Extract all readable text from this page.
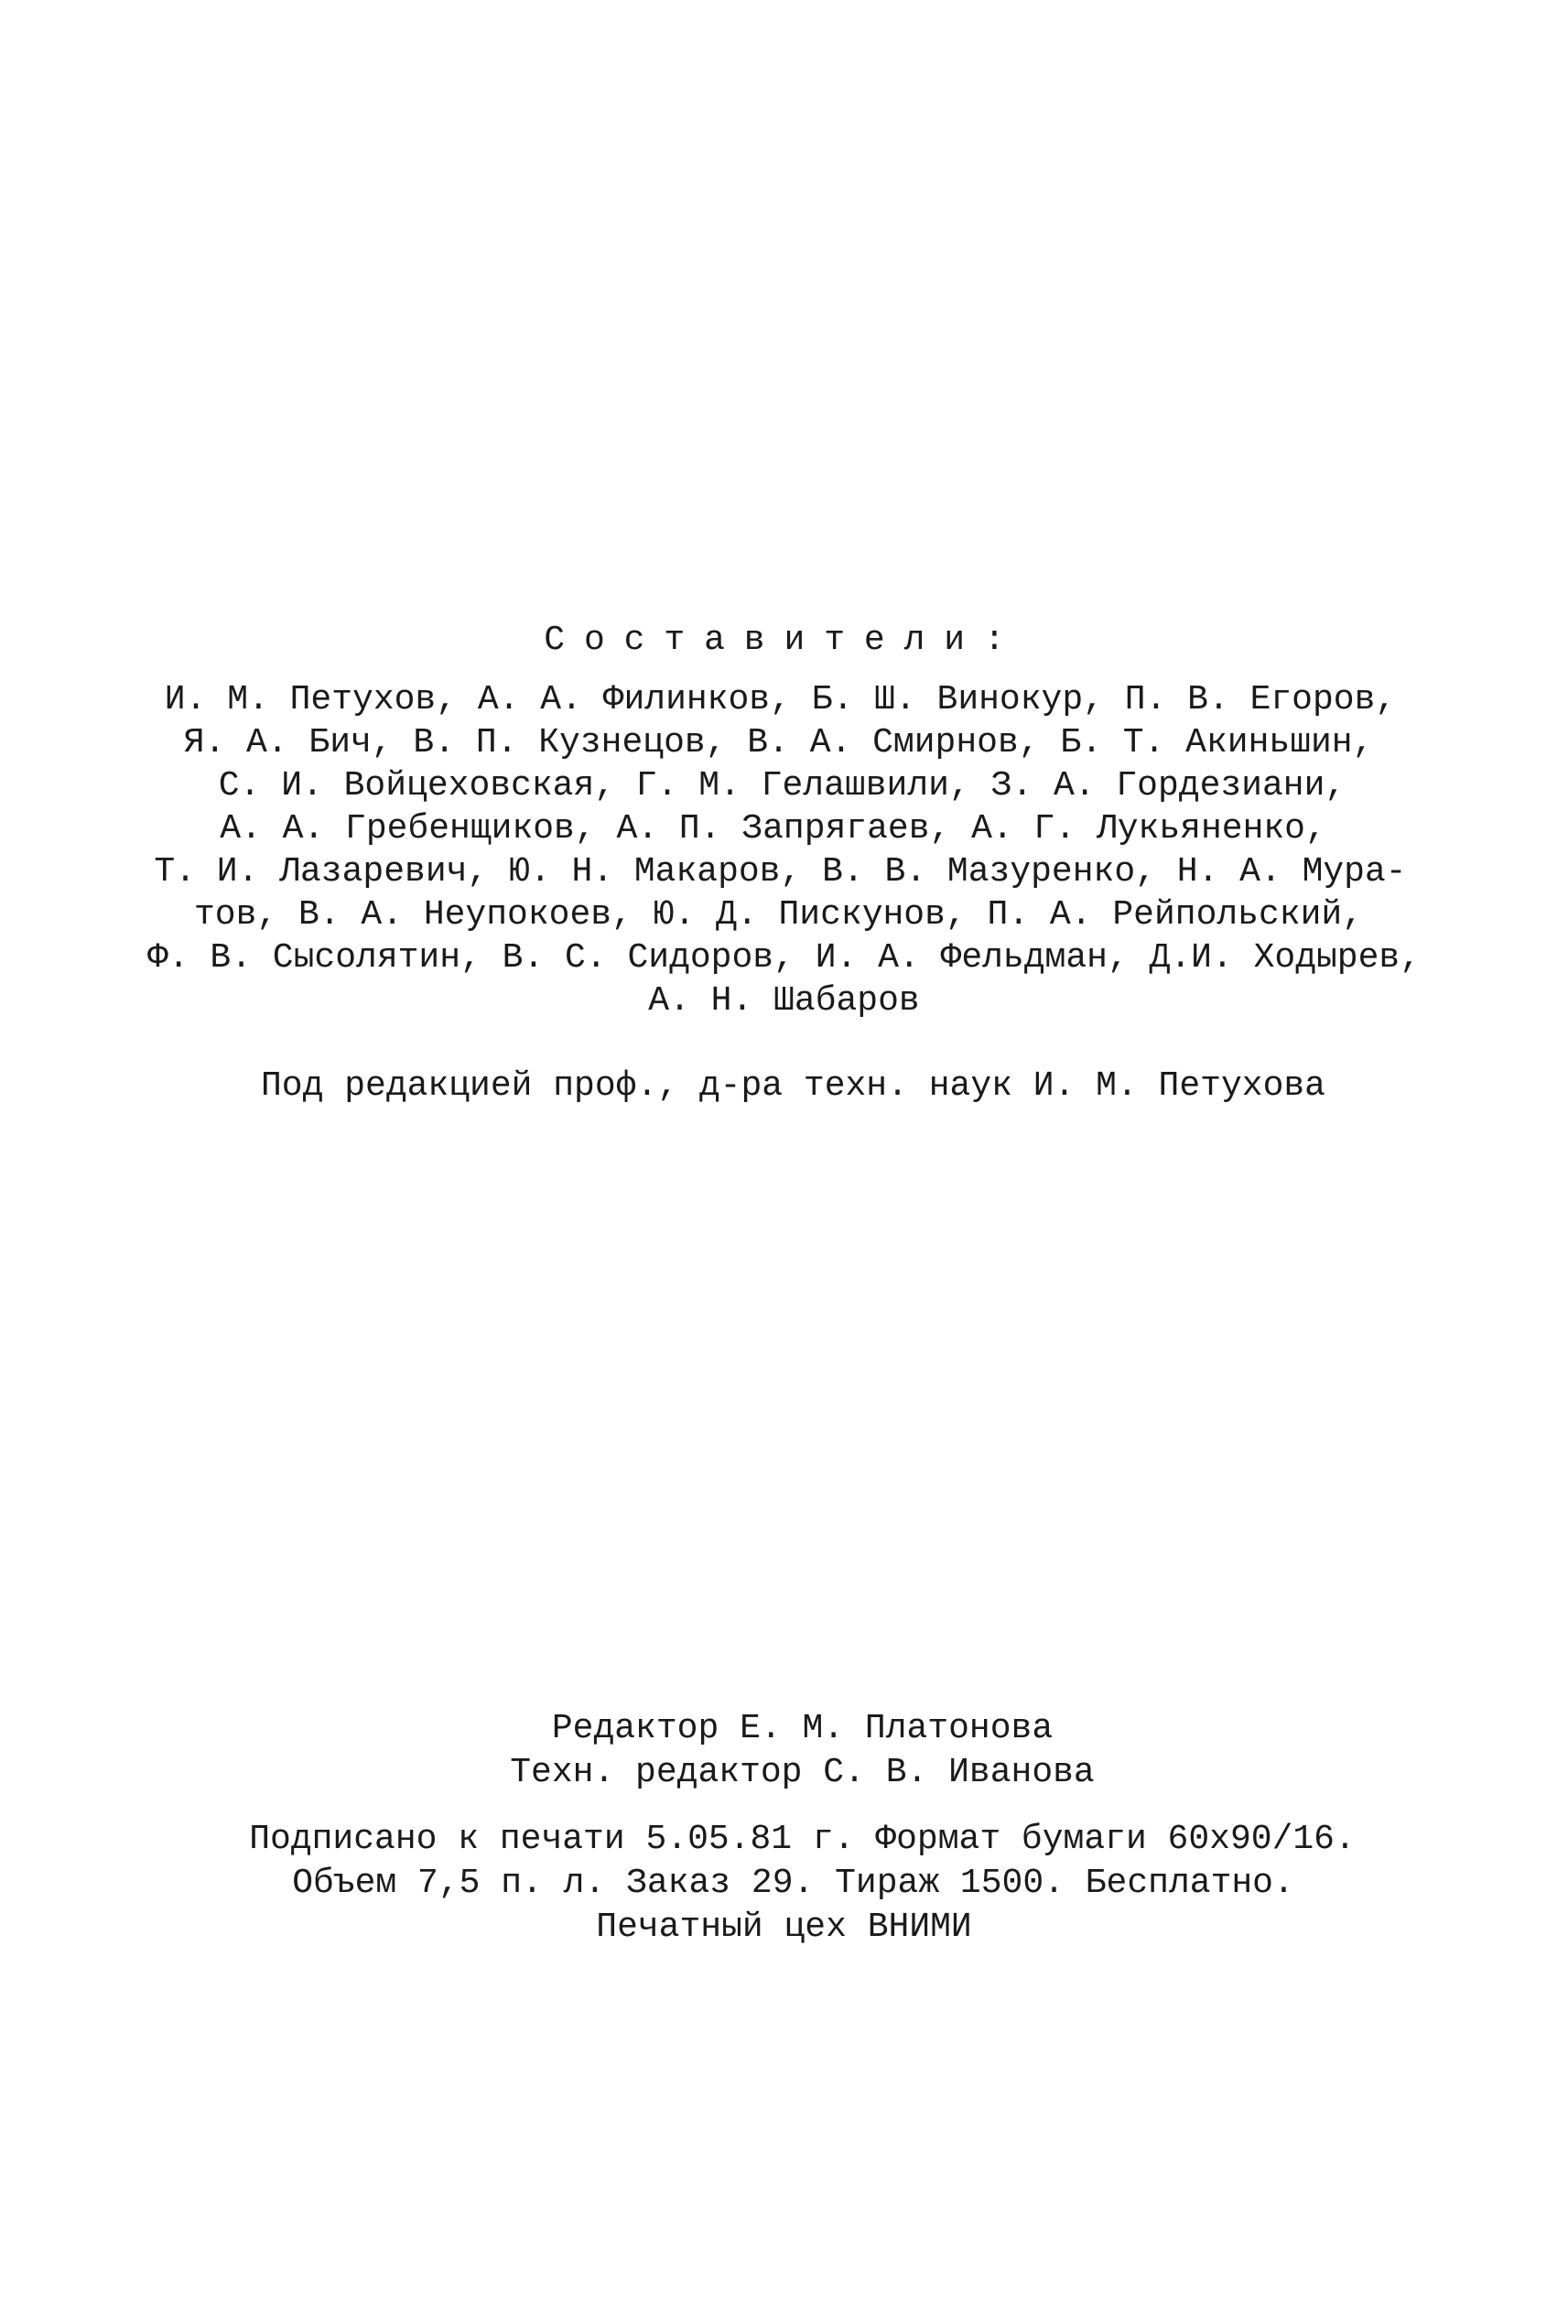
Составители:
И. М. Петухов, А. А. Филинков, Б. Ш. Винокур, П. В. Егоров,
Я. А. Бич, В. П. Кузнецов, В. А. Смирнов, Б. Т. Акиньшин,
С. И. Войцеховская, Г. М. Гелашвили, З. А. Гордезиани,
А. А. Гребенщиков, А. П. Запрягаев, А. Г. Лукьяненко,
Т. И. Лазаревич, Ю. Н. Макаров, В. В. Мазуренко, Н. А. Мура-
тов, В. А. Неупокоев, Ю. Д. Пискунов, П. А. Рейпольский,
Ф. В. Сысолятин, В. С. Сидоров, И. А. Фельдман, Д.И. Ходырев,
А. Н. Шабаров
Под редакцией проф., д-ра техн. наук И. М. Петухова
Редактор Е. М. Платонова
Техн. редактор С. В. Иванова
Подписано к печати 5.05.81 г. Формат бумаги 60x90/16.
Объем 7,5 п. л. Заказ 29. Тираж 1500. Бесплатно.
Печатный цех ВНИМИ
